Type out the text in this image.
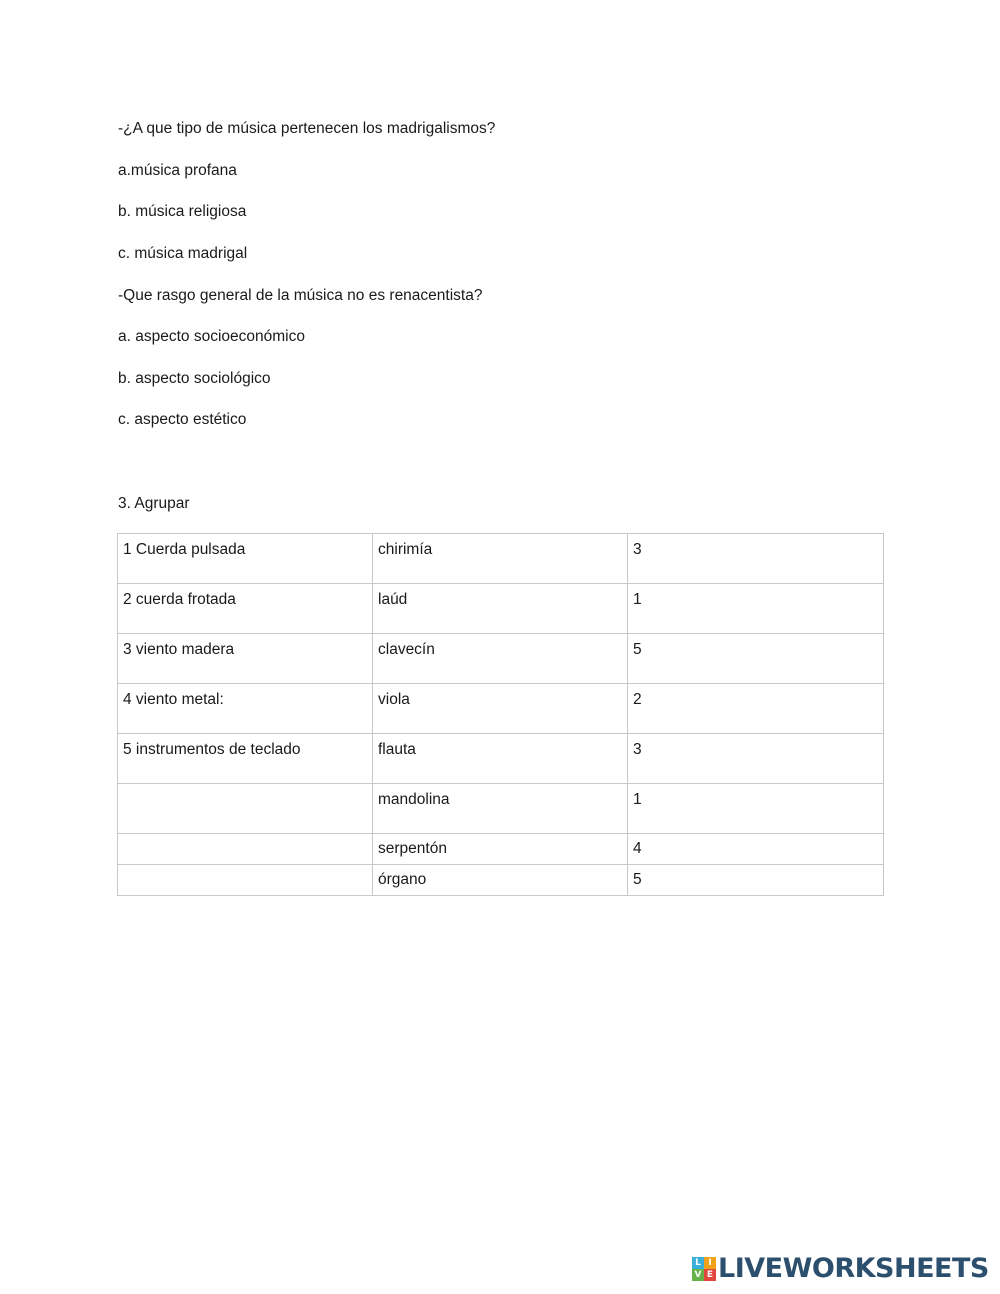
-¿A que tipo de música pertenecen los madrigalismos?
a.música profana
b. música religiosa
c. música madrigal
-Que rasgo general de la música no es renacentista?
a. aspecto socioeconómico
b. aspecto sociológico
c. aspecto estético
3. Agrupar
1 Cuerda pulsada	chirimía	3
2 cuerda frotada	laúd	1
3 viento madera	clavecín	5
4 viento metal:	viola	2
5 instrumentos de teclado	flauta	3
	mandolina	1
	serpentón	4
	órgano	5
L I
V E LIVEWORKSHEETS
